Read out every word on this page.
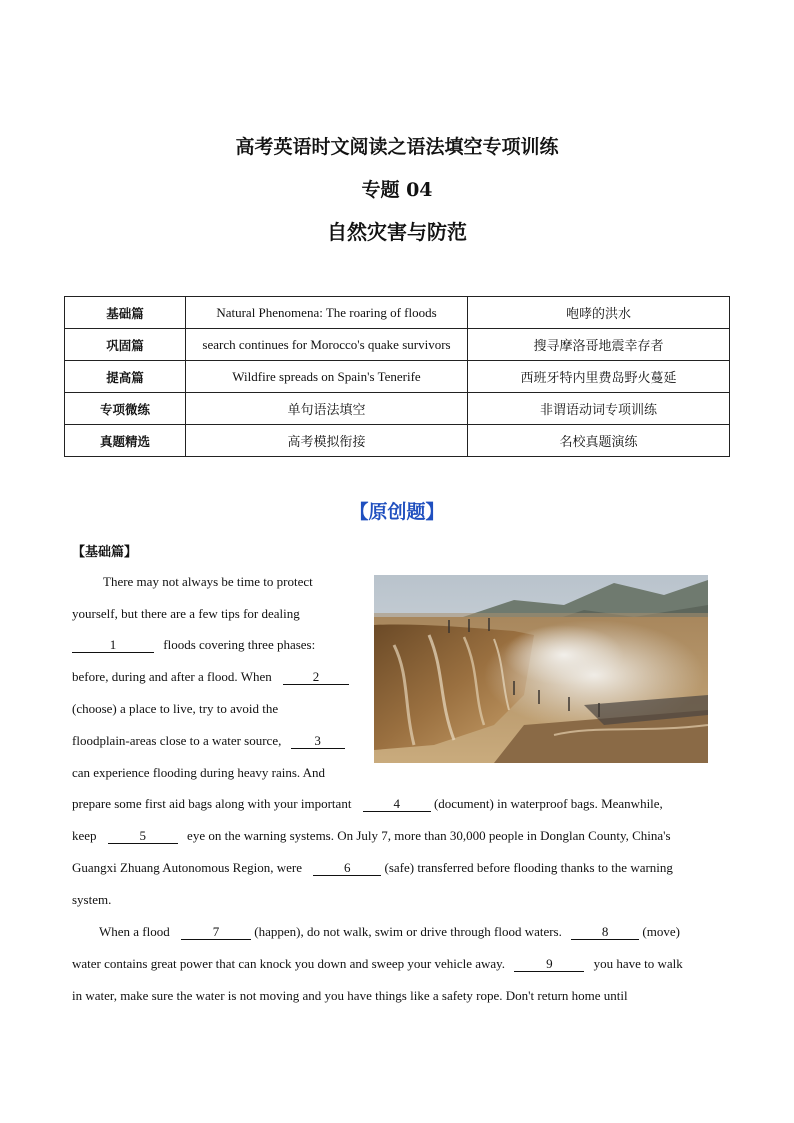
高考英语时文阅读之语法填空专项训练
专题 04
自然灾害与防范
基础篇	Natural Phenomena: The roaring of floods	咆哮的洪水
巩固篇	search continues for Morocco's quake survivors	搜寻摩洛哥地震幸存者
提高篇	Wildfire spreads on Spain's Tenerife	西班牙特内里费岛野火蔓延
专项微练	单句语法填空	非谓语动词专项训练
真题精选	高考模拟衔接	名校真题演练
【原创题】
【基础篇】
There may not always be time to protect
yourself, but there are a few tips for dealing
1	floods covering three phases:
before, during and after a flood. When	2
(choose) a place to live, try to avoid the
floodplain-areas close to a water source,	3
can experience flooding during heavy rains. And
prepare some first aid bags along with your important	4	(document) in waterproof bags. Meanwhile,
keep	5	eye on the warning systems. On July 7, more than 30,000 people in Donglan County, China's
Guangxi Zhuang Autonomous Region, were	6	(safe) transferred before flooding thanks to the warning
system.
When a flood	7	(happen), do not walk, swim or drive through flood waters.	8	(move)
water contains great power that can knock you down and sweep your vehicle away.	9	you have to walk
in water, make sure the water is not moving and you have things like a safety rope. Don't return home until
